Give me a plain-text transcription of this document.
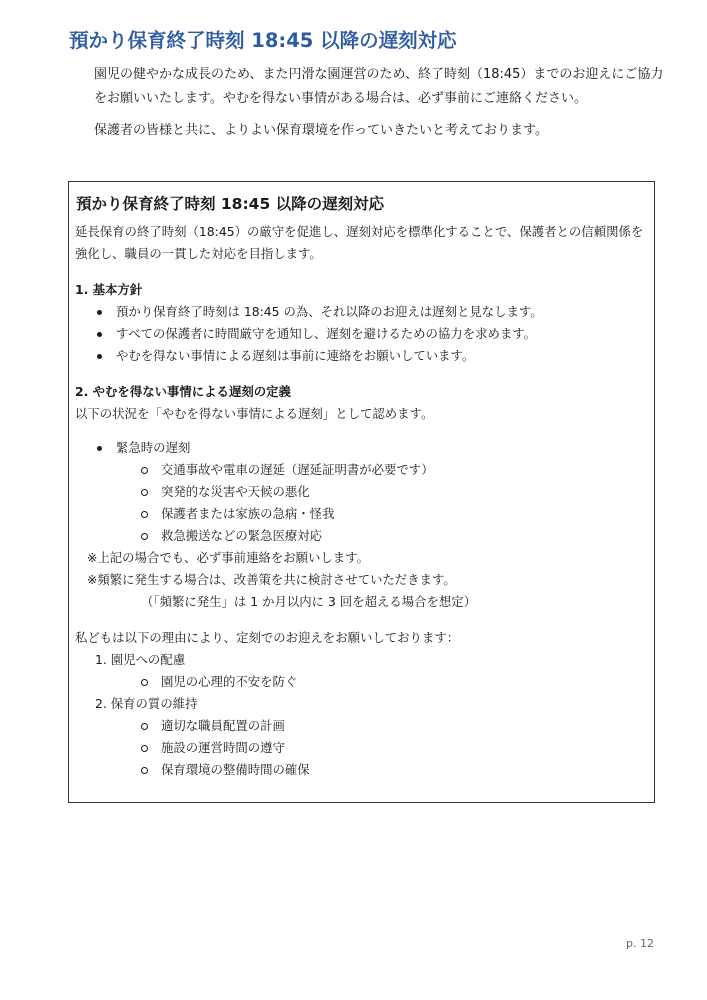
預かり保育終了時刻 18:45 以降の遅刻対応

園児の健やかな成長のため、また円滑な園運営のため、終了時刻（18:45）までのお迎えにご協力をお願いいたします。やむを得ない事情がある場合は、必ず事前にご連絡ください。

保護者の皆様と共に、よりよい保育環境を作っていきたいと考えております。

預かり保育終了時刻 18:45 以降の遅刻対応

延長保育の終了時刻（18:45）の厳守を促進し、遅刻対応を標準化することで、保護者との信頼関係を強化し、職員の一貫した対応を目指します。

1. 基本方針

預かり保育終了時刻は 18:45 の為、それ以降のお迎えは遅刻と見なします。
すべての保護者に時間厳守を通知し、遅刻を避けるための協力を求めます。
やむを得ない事情による遅刻は事前に連絡をお願いしています。

2. やむを得ない事情による遅刻の定義

以下の状況を「やむを得ない事情による遅刻」として認めます。

緊急時の遅刻
交通事故や電車の遅延（遅延証明書が必要です）
突発的な災害や天候の悪化
保護者または家族の急病・怪我
救急搬送などの緊急医療対応

※上記の場合でも、必ず事前連絡をお願いします。

※頻繁に発生する場合は、改善策を共に検討させていただきます。

（「頻繁に発生」は 1 か月以内に 3 回を超える場合を想定）

私どもは以下の理由により、定刻でのお迎えをお願いしております：

1. 園児への配慮
園児の心理的不安を防ぐ
2. 保育の質の維持
適切な職員配置の計画
施設の運営時間の遵守
保育環境の整備時間の確保
p. 12
